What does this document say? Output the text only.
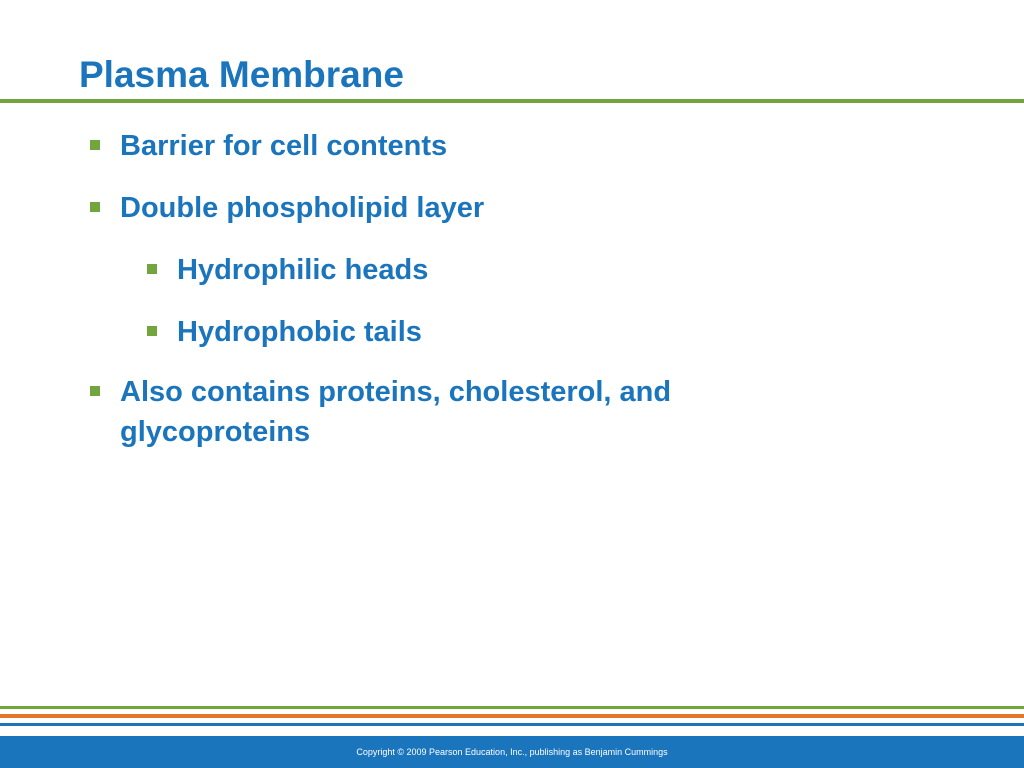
Plasma Membrane
Barrier for cell contents
Double phospholipid layer
Hydrophilic heads
Hydrophobic tails
Also contains proteins, cholesterol, and glycoproteins
Copyright © 2009 Pearson Education, Inc., publishing as Benjamin Cummings
